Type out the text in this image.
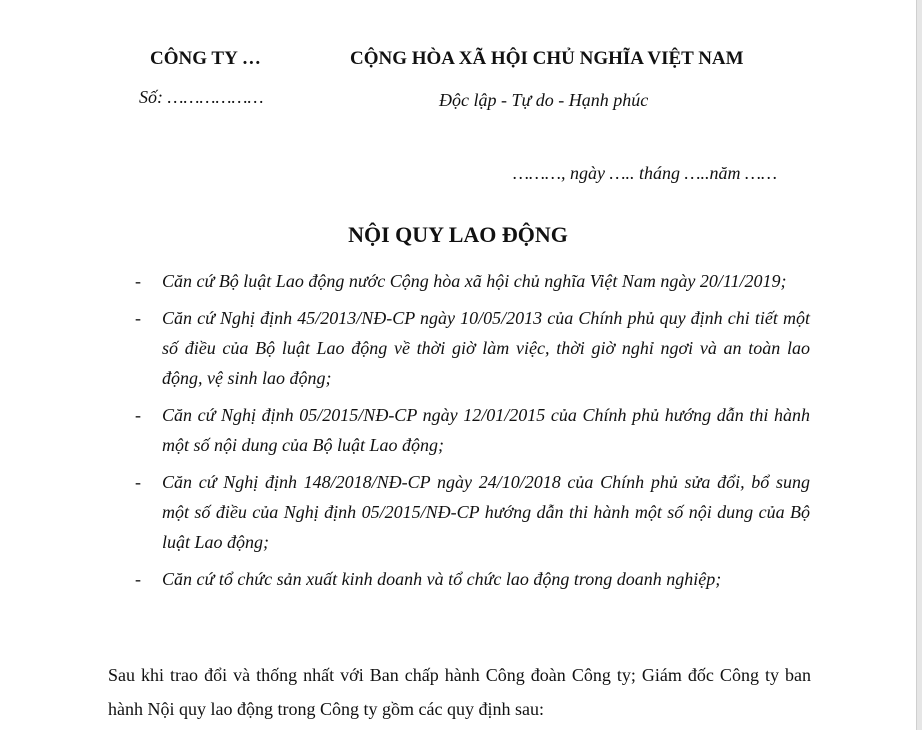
CÔNG TY …
Số: ………………
CỘNG HÒA XÃ HỘI CHỦ NGHĨA VIỆT NAM
Độc lập - Tự do - Hạnh phúc
………, ngày ….. tháng …..năm ……
NỘI QUY LAO ĐỘNG
- Căn cứ Bộ luật Lao động nước Cộng hòa xã hội chủ nghĩa Việt Nam ngày 20/11/2019;
- Căn cứ Nghị định 45/2013/NĐ-CP ngày 10/05/2013 của Chính phủ quy định chi tiết một số điều của Bộ luật Lao động về thời giờ làm việc, thời giờ nghỉ ngơi và an toàn lao động, vệ sinh lao động;
- Căn cứ Nghị định 05/2015/NĐ-CP ngày 12/01/2015 của Chính phủ hướng dẫn thi hành một số nội dung của Bộ luật Lao động;
- Căn cứ Nghị định 148/2018/NĐ-CP ngày 24/10/2018 của Chính phủ sửa đổi, bổ sung một số điều của Nghị định 05/2015/NĐ-CP hướng dẫn thi hành một số nội dung của Bộ luật Lao động;
- Căn cứ tổ chức sản xuất kinh doanh và tổ chức lao động trong doanh nghiệp;
Sau khi trao đổi và thống nhất với Ban chấp hành Công đoàn Công ty; Giám đốc Công ty ban hành Nội quy lao động trong Công ty gồm các quy định sau:
